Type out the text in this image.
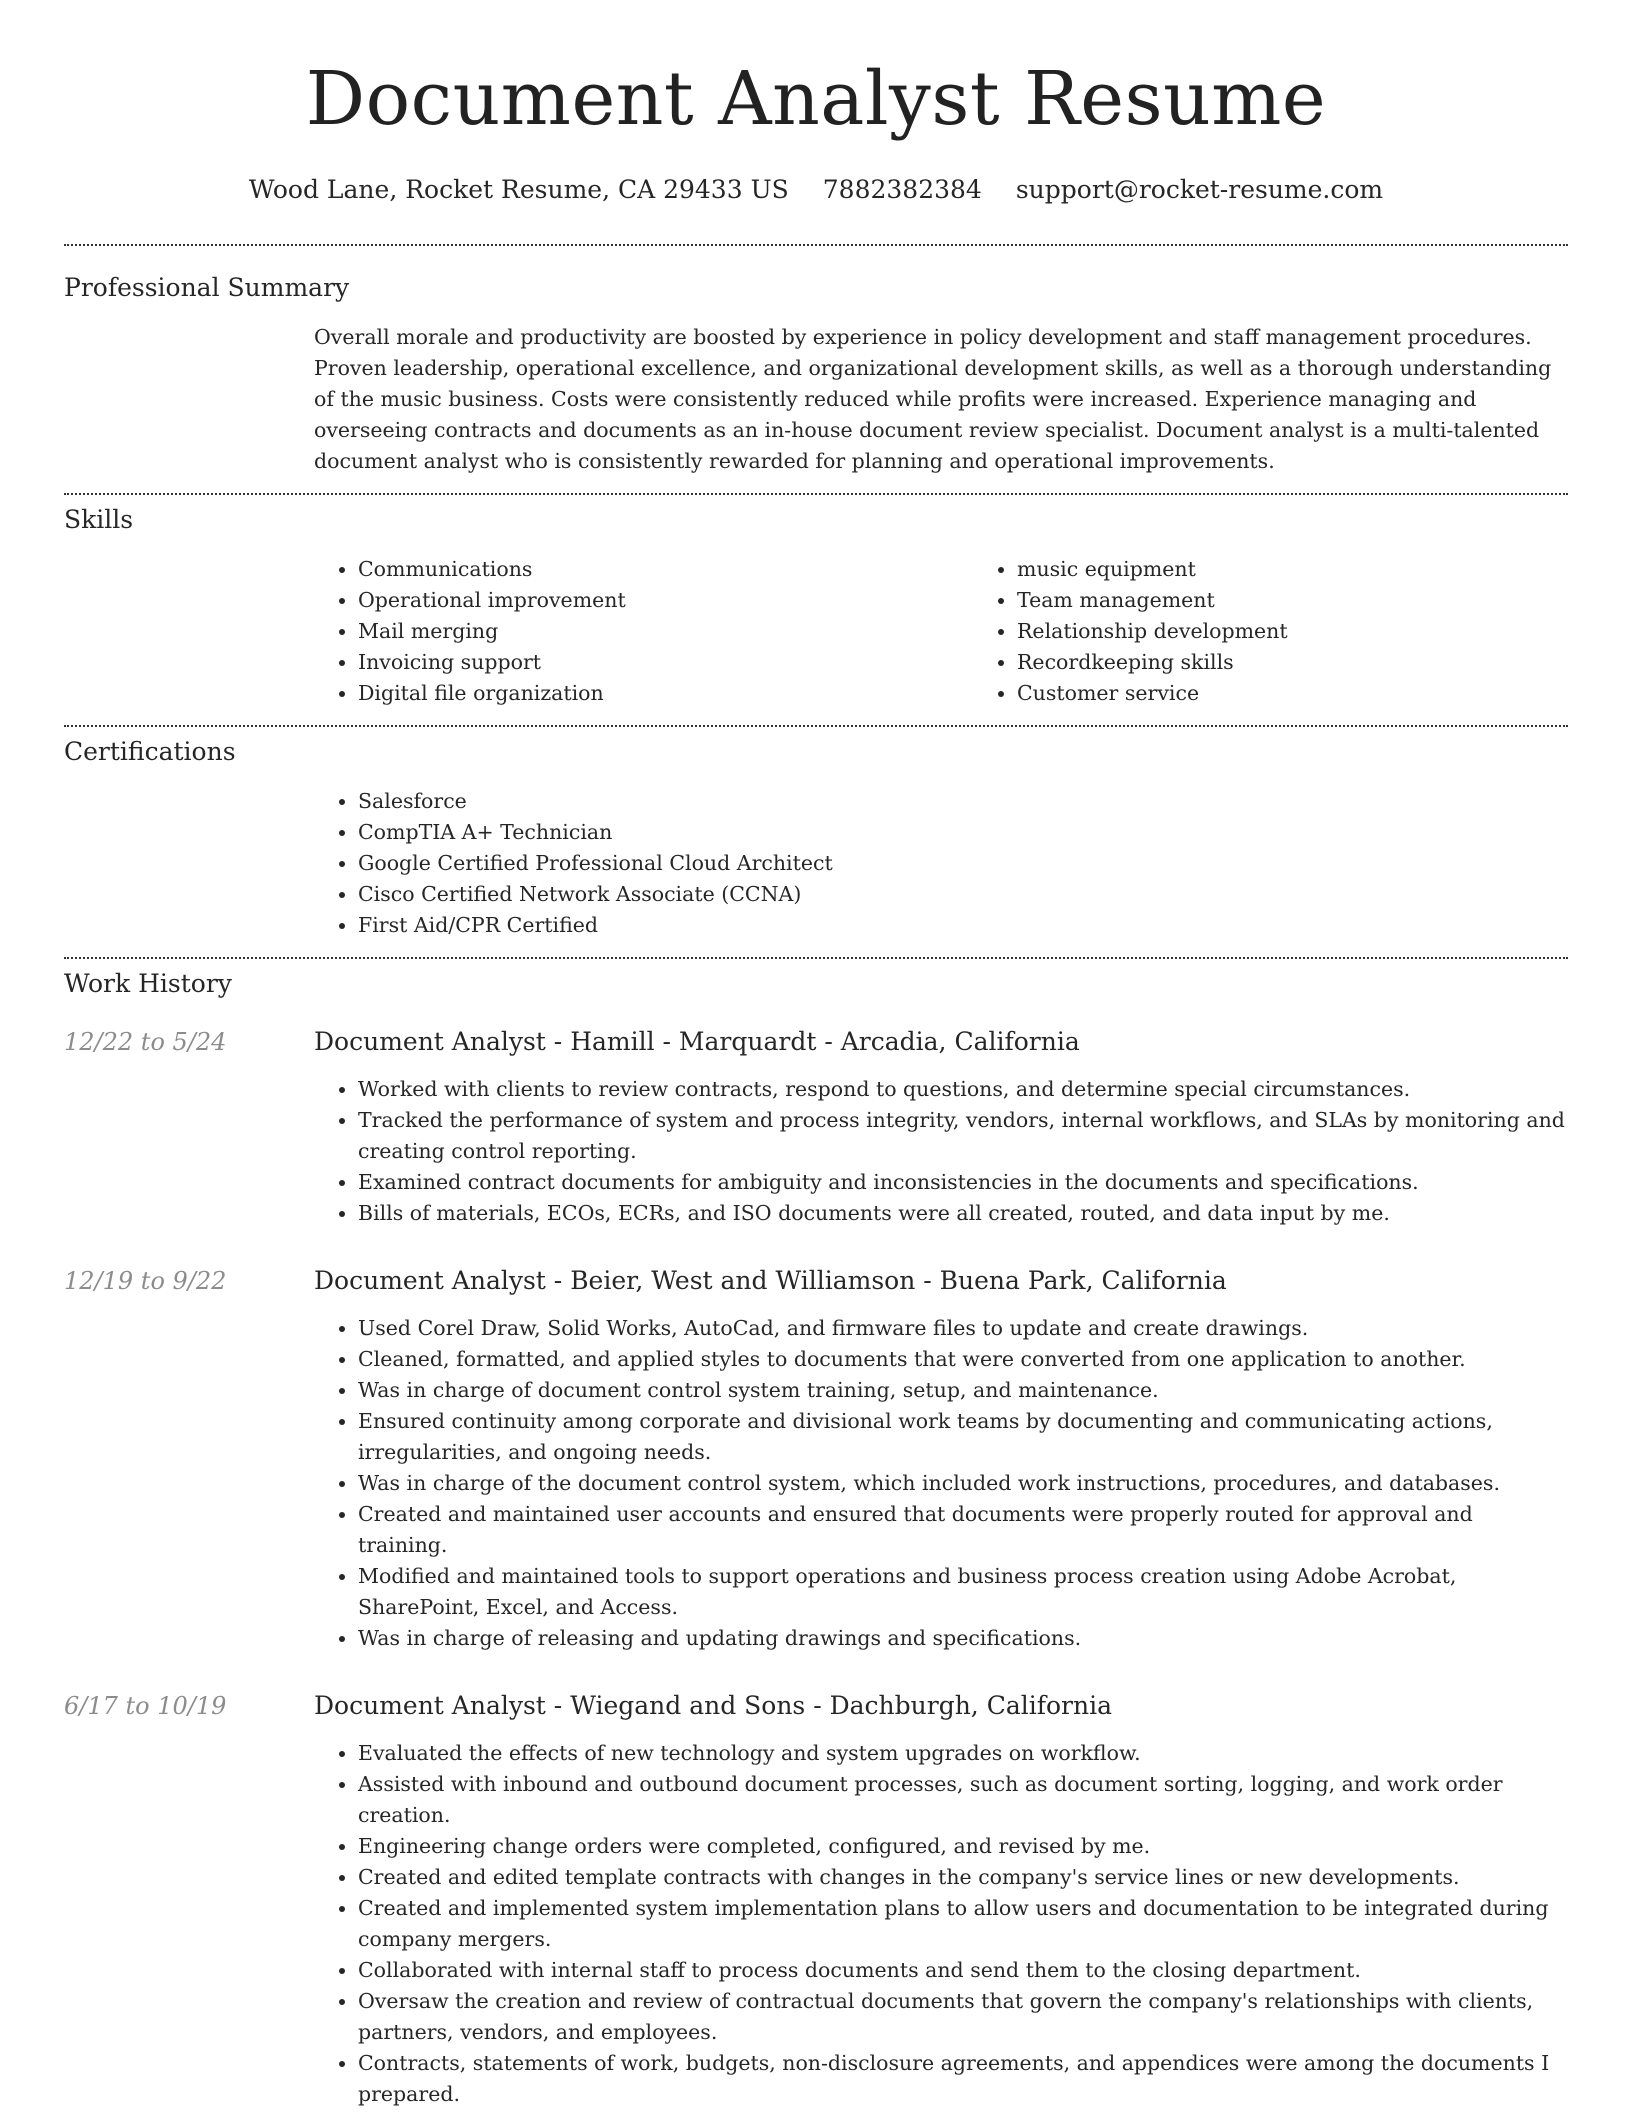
Document Analyst Resume
Wood Lane, Rocket Resume, CA 29433 US 7882382384 support@rocket-resume.com
Professional Summary

Overall morale and productivity are boosted by experience in policy development and staff management procedures. Proven leadership, operational excellence, and organizational development skills, as well as a thorough understanding of the music business. Costs were consistently reduced while profits were increased. Experience managing and overseeing contracts and documents as an in-house document review specialist. Document analyst is a multi-talented document analyst who is consistently rewarded for planning and operational improvements.

Skills
• Communications
• Operational improvement
• Mail merging
• Invoicing support
• Digital file organization
• music equipment
• Team management
• Relationship development
• Recordkeeping skills
• Customer service
Certifications
• Salesforce
• CompTIA A+ Technician
• Google Certified Professional Cloud Architect
• Cisco Certified Network Associate (CCNA)
• First Aid/CPR Certified
Work History
12/22 to 5/24	Document Analyst - Hamill - Marquardt - Arcadia, California
• Worked with clients to review contracts, respond to questions, and determine special circumstances.
• Tracked the performance of system and process integrity, vendors, internal workflows, and SLAs by monitoring and creating control reporting.
• Examined contract documents for ambiguity and inconsistencies in the documents and specifications.
• Bills of materials, ECOs, ECRs, and ISO documents were all created, routed, and data input by me.
12/19 to 9/22	Document Analyst - Beier, West and Williamson - Buena Park, California
• Used Corel Draw, Solid Works, AutoCad, and firmware files to update and create drawings.
• Cleaned, formatted, and applied styles to documents that were converted from one application to another.
• Was in charge of document control system training, setup, and maintenance.
• Ensured continuity among corporate and divisional work teams by documenting and communicating actions, irregularities, and ongoing needs.
• Was in charge of the document control system, which included work instructions, procedures, and databases.
• Created and maintained user accounts and ensured that documents were properly routed for approval and training.
• Modified and maintained tools to support operations and business process creation using Adobe Acrobat, SharePoint, Excel, and Access.
• Was in charge of releasing and updating drawings and specifications.
6/17 to 10/19	Document Analyst - Wiegand and Sons - Dachburgh, California
• Evaluated the effects of new technology and system upgrades on workflow.
• Assisted with inbound and outbound document processes, such as document sorting, logging, and work order creation.
• Engineering change orders were completed, configured, and revised by me.
• Created and edited template contracts with changes in the company's service lines or new developments.
• Created and implemented system implementation plans to allow users and documentation to be integrated during company mergers.
• Collaborated with internal staff to process documents and send them to the closing department.
• Oversaw the creation and review of contractual documents that govern the company's relationships with clients, partners, vendors, and employees.
• Contracts, statements of work, budgets, non-disclosure agreements, and appendices were among the documents I prepared.
